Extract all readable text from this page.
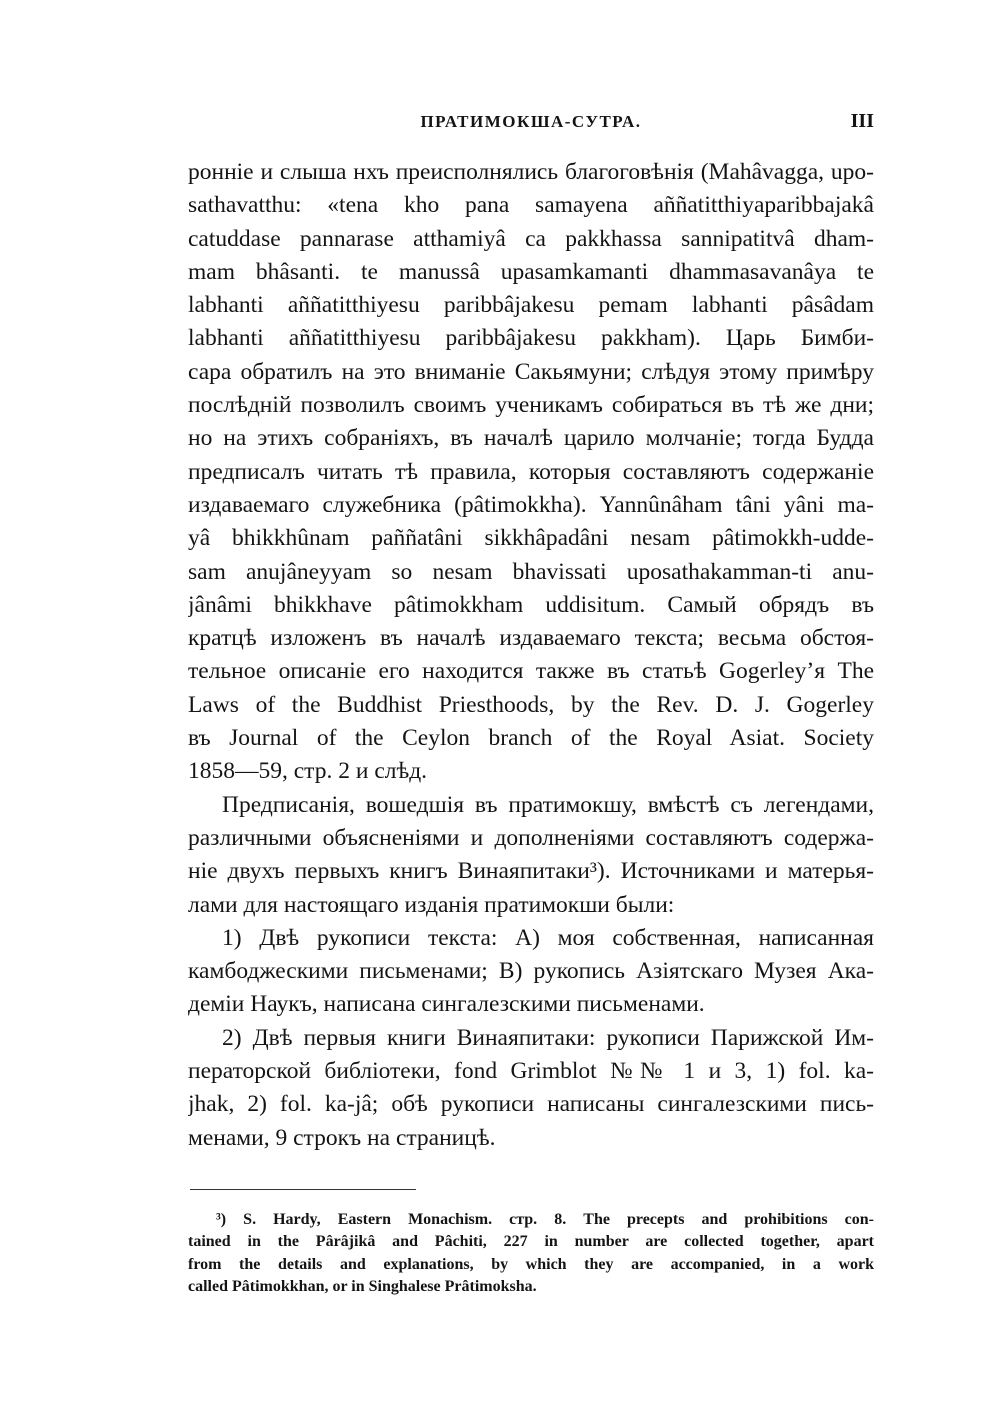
ПРАТИМОКША-СУТРА.	III
ронніе и слыша нхъ преисполнялись благоговѣнія (Mahâvagga, upo-
sathavatthu: «tena kho pana samayena aññatitthiyaparibbajakâ
catuddase pannarase atthamiyâ ca pakkhassa sannipatitvâ dham-
mam bhâsanti. te manussâ upasamkamanti dhammasavanâya te
labhanti aññatitthiyesu paribbâjakesu pemam labhanti pâsâdam
labhanti aññatitthiyesu paribbâjakesu pakkham). Царь Бимби-
сара обратилъ на это вниманіе Сакьямуни; слѣдуя этому примѣру
послѣдній позволилъ своимъ ученикамъ собираться въ тѣ же дни;
но на этихъ собраніяхъ, въ началѣ царило молчаніе; тогда Будда
предписалъ читать тѣ правила, которыя составляютъ содержаніе
издаваемаго служебника (pâtimokkha). Yannûnâham tâni yâni ma-
yâ bhikkhûnam paññatâni sikkhâpadâni nesam pâtimokkh-udde-
sam anujâneyyam so nesam bhavissati uposathakamman-ti anu-
jânâmi bhikkhave pâtimokkham uddisitum. Самый обрядъ въ
кратцѣ изложенъ въ началѣ издаваемаго текста; весьма обстоя-
тельное описаніе его находится также въ статьѣ Gogerley’я The
Laws of the Buddhist Priesthoods, by the Rev. D. J. Gogerley
въ Journal of the Ceylon branch of the Royal Asiat. Society
1858—59, стр. 2 и слѣд.
Предписанія, вошедшія въ пратимокшу, вмѣстѣ съ легендами,
различными объясненіями и дополненіями составляютъ содержа-
ніе двухъ первыхъ книгъ Винаяпитаки³). Источниками и матерья-
лами для настоящаго изданія пратимокши были:
1) Двѣ рукописи текста: A) моя собственная, написанная
камбоджескими письменами; B) рукопись Азіятскаго Музея Ака-
деміи Наукъ, написана сингалезскими письменами.
2) Двѣ первыя книги Винаяпитаки: рукописи Парижской Им-
ператорской библіотеки, fond Grimblot №№ 1 и 3, 1) fol. ka-
jhak, 2) fol. ka-jâ; обѣ рукописи написаны сингалезскими пись-
менами, 9 строкъ на страницѣ.
³) S. Hardy, Eastern Monachism. стр. 8. The precepts and prohibitions con-
tained in the Pârâjikâ and Pâchiti, 227 in number are collected together, apart
from the details and explanations, by which they are accompanied, in a work
called Pâtimokkhan, or in Singhalese Prâtimoksha.
